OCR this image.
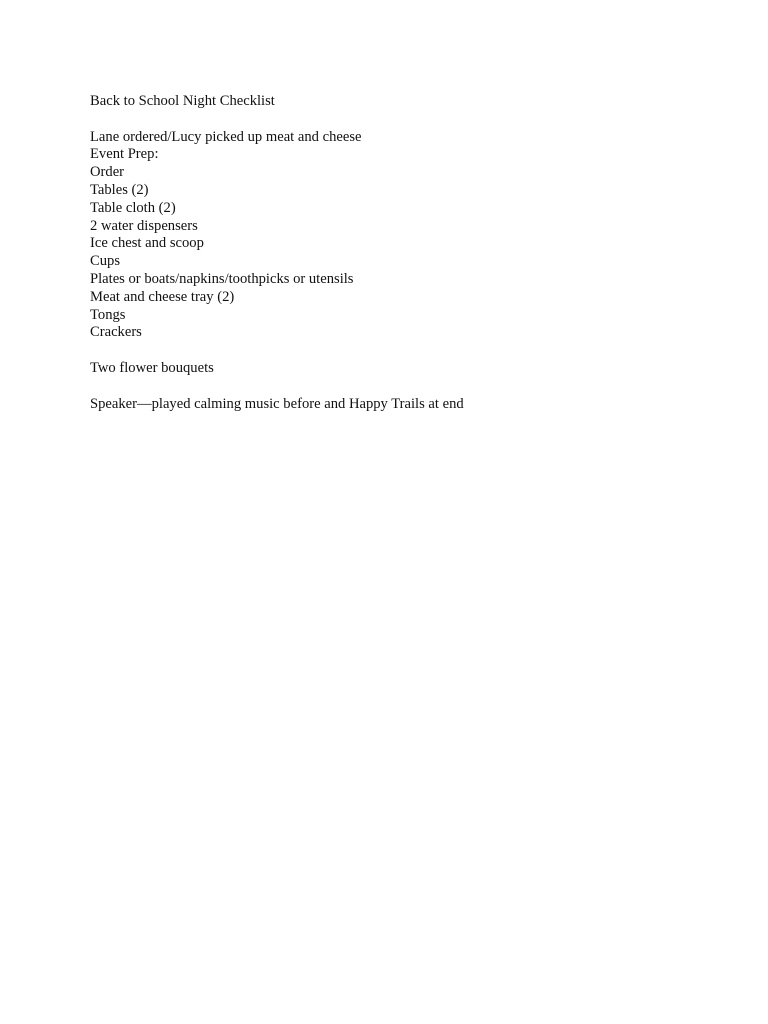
Back to School Night Checklist
Lane ordered/Lucy picked up meat and cheese
Event Prep:
Order
Tables (2)
Table cloth (2)
2 water dispensers
Ice chest and scoop
Cups
Plates or boats/napkins/toothpicks or utensils
Meat and cheese tray (2)
Tongs
Crackers
Two flower bouquets
Speaker—played calming music before and Happy Trails at end
